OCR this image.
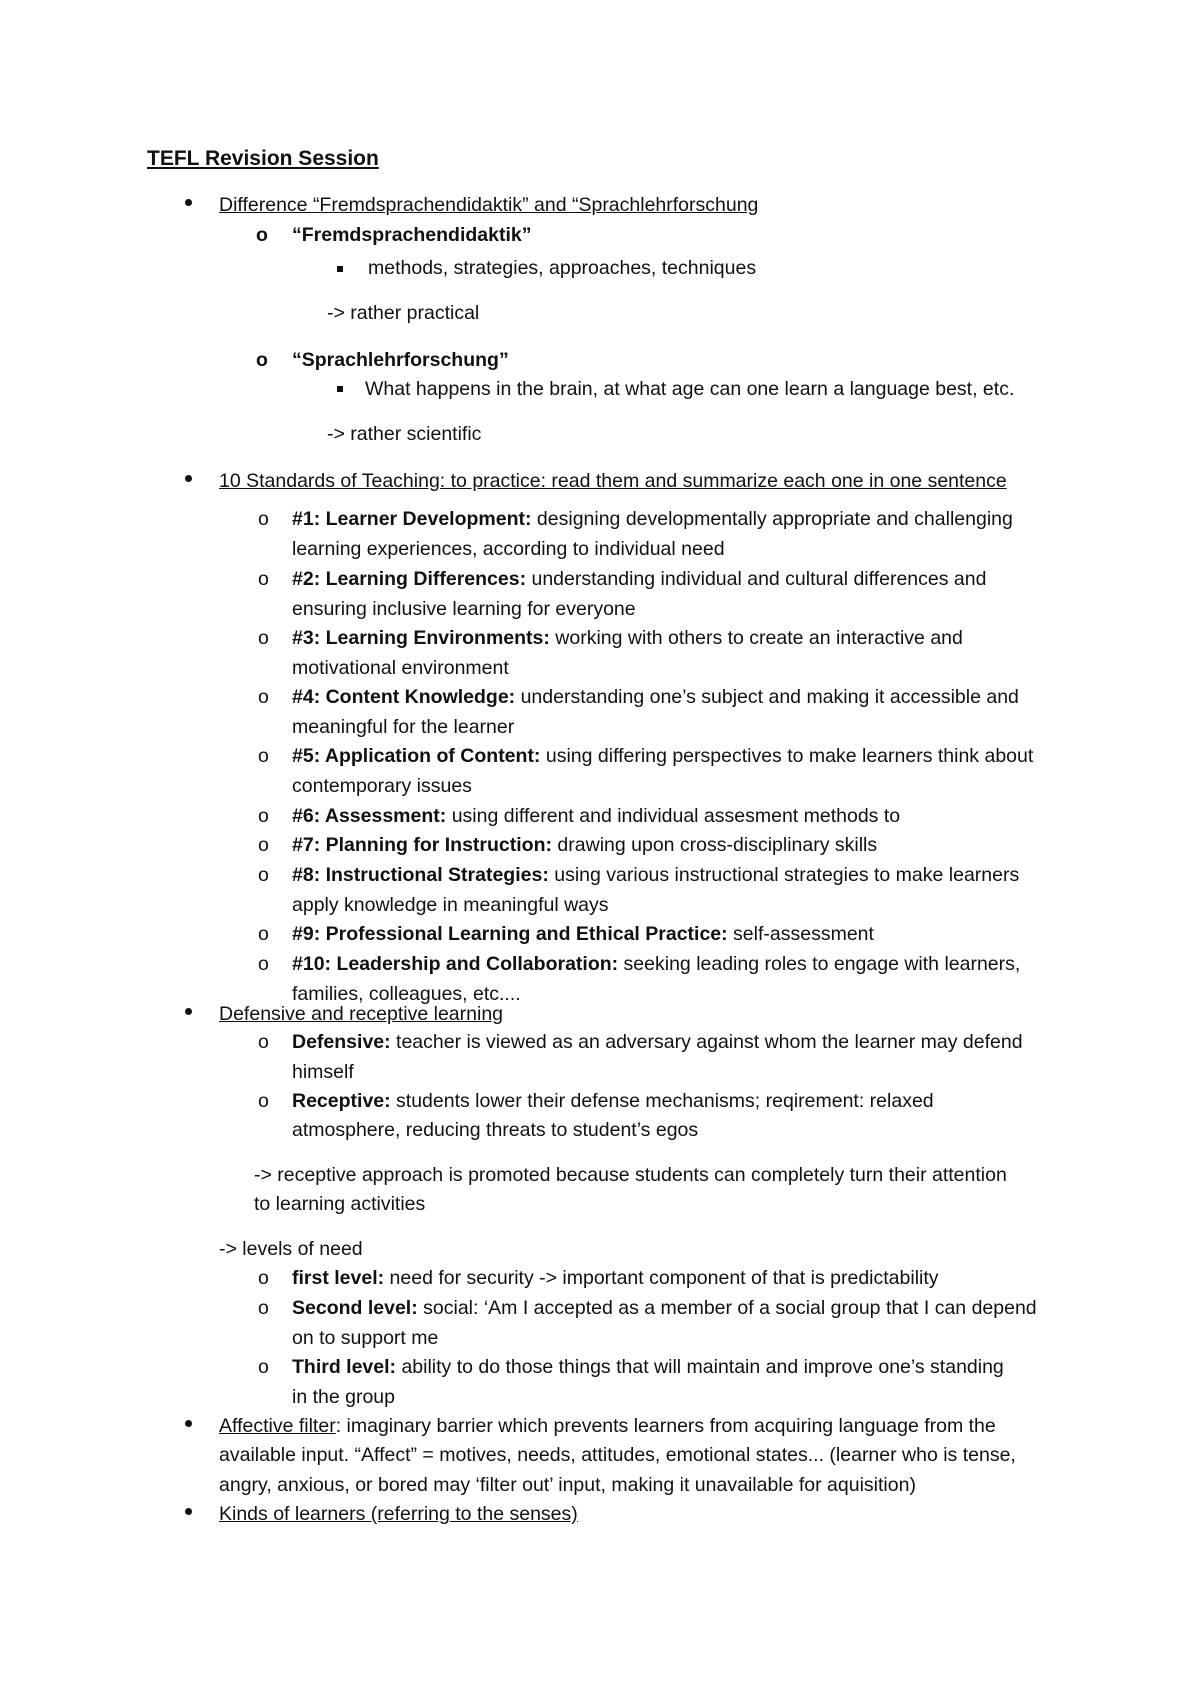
TEFL Revision Session
Difference “Fremdsprachendidaktik” and “Sprachlehrforschung
o “Fremdsprachendidaktik”
methods, strategies, approaches, techniques
-> rather practical
o “Sprachlehrforschung”
What happens in the brain, at what age can one learn a language best, etc.
-> rather scientific
10 Standards of Teaching: to practice: read them and summarize each one in one sentence
o #1: Learner Development: designing developmentally appropriate and challenging
learning experiences, according to individual need
o #2: Learning Differences: understanding individual and cultural differences and
ensuring inclusive learning for everyone
o #3: Learning Environments: working with others to create an interactive and
motivational environment
o #4: Content Knowledge: understanding one’s subject and making it accessible and
meaningful for the learner
o #5: Application of Content: using differing perspectives to make learners think about
contemporary issues
o #6: Assessment: using different and individual assesment methods to
o #7: Planning for Instruction: drawing upon cross-disciplinary skills
o #8: Instructional Strategies: using various instructional strategies to make learners
apply knowledge in meaningful ways
o #9: Professional Learning and Ethical Practice: self-assessment
o #10: Leadership and Collaboration: seeking leading roles to engage with learners,
families, colleagues, etc....
Defensive and receptive learning
o Defensive: teacher is viewed as an adversary against whom the learner may defend
himself
o Receptive: students lower their defense mechanisms; reqirement: relaxed
atmosphere, reducing threats to student’s egos
-> receptive approach is promoted because students can completely turn their attention
to learning activities
-> levels of need
o first level: need for security -> important component of that is predictability
o Second level: social: ‘Am I accepted as a member of a social group that I can depend
on to support me
o Third level: ability to do those things that will maintain and improve one’s standing
in the group
Affective filter: imaginary barrier which prevents learners from acquiring language from the
available input. “Affect” = motives, needs, attitudes, emotional states... (learner who is tense,
angry, anxious, or bored may ‘filter out’ input, making it unavailable for aquisition)
Kinds of learners (referring to the senses)
